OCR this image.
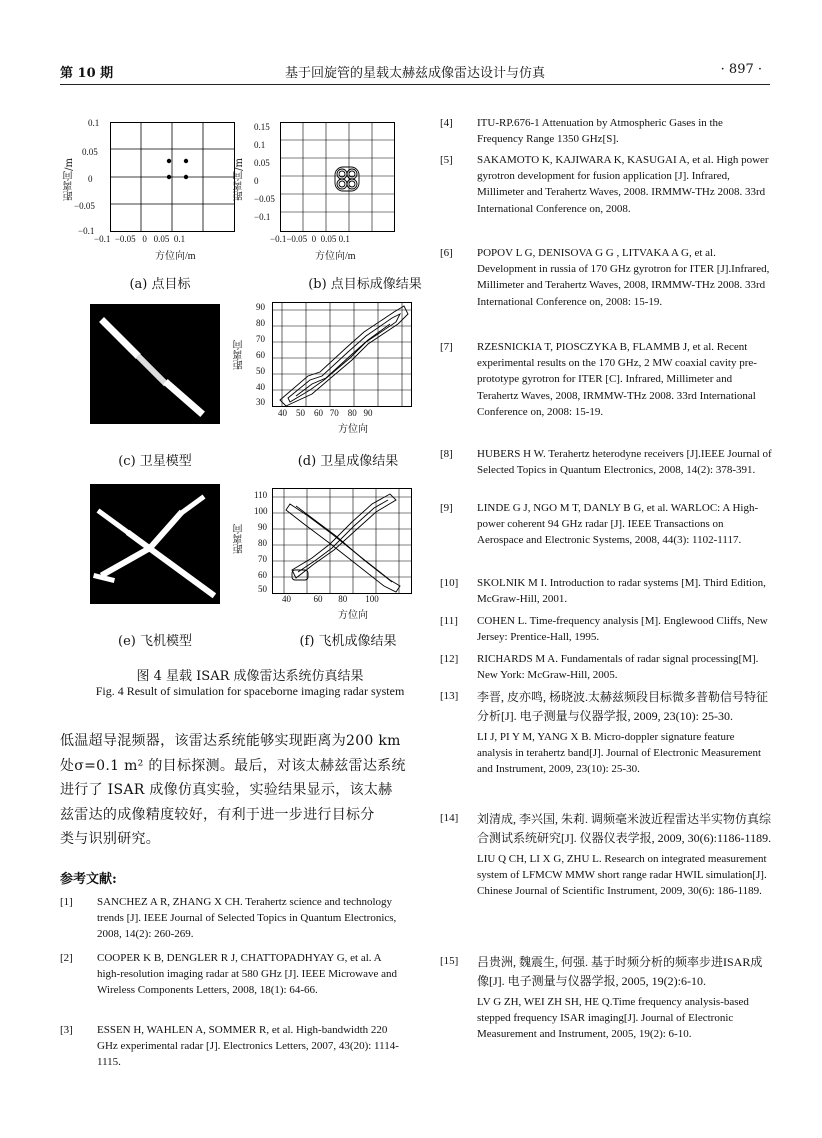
第 10 期	基于回旋管的星载太赫兹成像雷达设计与仿真	· 897 ·
距离向/m
0.1
0.05
0
−0.05
−0.1
−0.1 −0.05 0 0.05 0.1
方位向/m
(a) 点目标
距离向/m
0.15
0.1
0.05
0
−0.05
−0.1
−0.1−0.05 0 0.05 0.1
方位向/m
(b) 点目标成像结果
(c) 卫星模型
距离向
90
80
70
60
50
40
30
40 50 60 70 80 90
方位向
(d) 卫星成像结果
(e) 飞机模型
距离向
110
100
90
80
70
60
50
40	60 80 100
方位向
(f) 飞机成像结果
图 4 星载 ISAR 成像雷达系统仿真结果
Fig. 4 Result of simulation for spaceborne imaging radar system
低温超导混频器，该雷达系统能够实现距离为200 km
处σ=0.1 m² 的目标探测。最后，对该太赫兹雷达系统
进行了 ISAR 成像仿真实验，实验结果显示，该太赫
兹雷达的成像精度较好，有利于进一步进行目标分
类与识别研究。
参考文献:
[1] SANCHEZ A R, ZHANG X CH. Terahertz science and technology trends [J]. IEEE Journal of Selected Topics in Quantum Electronics, 2008, 14(2): 260-269.
[2] COOPER K B, DENGLER R J, CHATTOPADHYAY G, et al. A high-resolution imaging radar at 580 GHz [J]. IEEE Microwave and Wireless Components Letters, 2008, 18(1): 64-66.
[3] ESSEN H, WAHLEN A, SOMMER R, et al. High-bandwidth 220 GHz experimental radar [J]. Electronics Letters, 2007, 43(20): 1114-1115.
[4] ITU-RP.676-1 Attenuation by Atmospheric Gases in the Frequency Range 1350 GHz[S].
[5] SAKAMOTO K, KAJIWARA K, KASUGAI A, et al. High power gyrotron development for fusion application [J]. Infrared, Millimeter and Terahertz Waves, 2008. IRMMW-THz 2008. 33rd International Conference on, 2008.
[6] POPOV L G, DENISOVA G G , LITVAKA A G, et al. Development in russia of 170 GHz gyrotron for ITER [J].Infrared, Millimeter and Terahertz Waves, 2008, IRMMW-THz 2008. 33rd International Conference on, 2008: 15-19.
[7] RZESNICKIA T, PIOSCZYKA B, FLAMMB J, et al. Recent experimental results on the 170 GHz, 2 MW coaxial cavity pre-prototype gyrotron for ITER [C]. Infrared, Millimeter and Terahertz Waves, 2008, IRMMW-THz 2008. 33rd International Conference on, 2008: 15-19.
[8] HUBERS H W. Terahertz heterodyne receivers [J].IEEE Journal of Selected Topics in Quantum Electronics, 2008, 14(2): 378-391.
[9] LINDE G J, NGO M T, DANLY B G, et al. WARLOC: A High-power coherent 94 GHz radar [J]. IEEE Transactions on Aerospace and Electronic Systems, 2008, 44(3): 1102-1117.
[10] SKOLNIK M I. Introduction to radar systems [M]. Third Edition, McGraw-Hill, 2001.
[11] COHEN L. Time-frequency analysis [M]. Englewood Cliffs, New Jersey: Prentice-Hall, 1995.
[12] RICHARDS M A. Fundamentals of radar signal processing[M]. New York: McGraw-Hill, 2005.
[13] 李晋, 皮亦鸣, 杨晓波.太赫兹频段目标微多普勒信号特征分析[J]. 电子测量与仪器学报, 2009, 23(10): 25-30.
LI J, PI Y M, YANG X B. Micro-doppler signature feature analysis in terahertz band[J]. Journal of Electronic Measurement and Instrument, 2009, 23(10): 25-30.
[14] 刘清成, 李兴国, 朱莉. 调频毫米波近程雷达半实物仿真综合测试系统研究[J]. 仪器仪表学报, 2009, 30(6):1186-1189.
LIU Q CH, LI X G, ZHU L. Research on integrated measurement system of LFMCW MMW short range radar HWIL simulation[J]. Chinese Journal of Scientific Instrument, 2009, 30(6): 186-1189.
[15] 吕贵洲, 魏震生, 何强. 基于时频分析的频率步进ISAR成像[J]. 电子测量与仪器学报, 2005, 19(2):6-10.
LV G ZH, WEI ZH SH, HE Q.Time frequency analysis-based stepped frequency ISAR imaging[J]. Journal of Electronic Measurement and Instrument, 2005, 19(2): 6-10.
